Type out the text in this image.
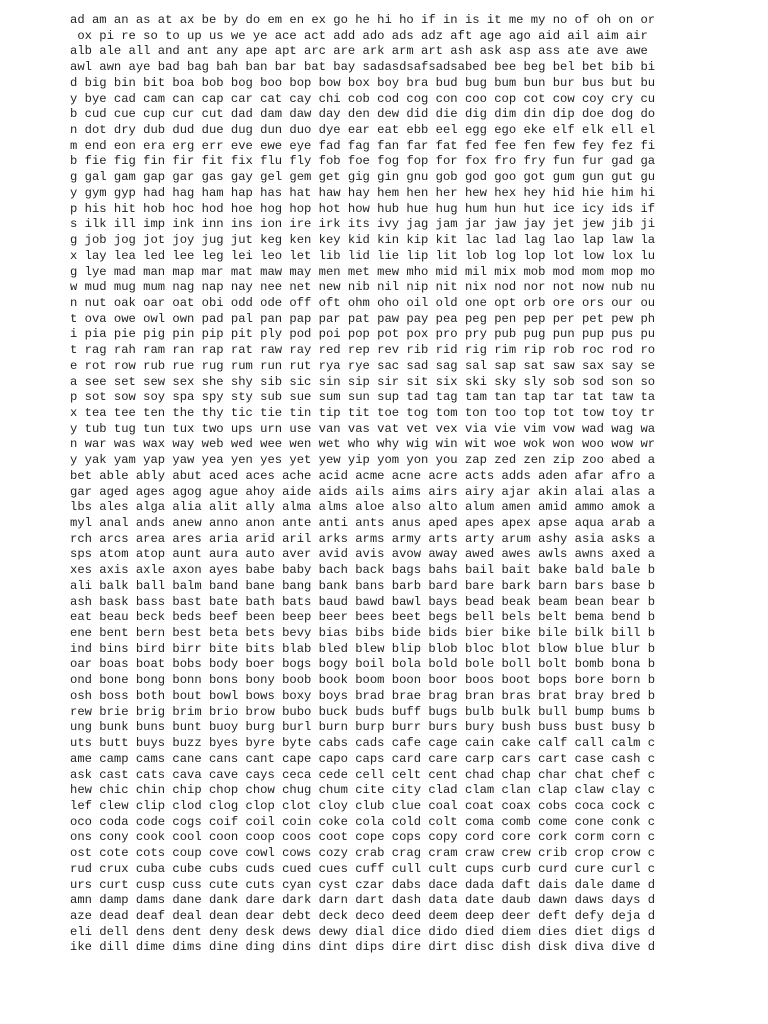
ad am an as at ax be by do em en ex go he hi ho if in is it me my no of oh on or
ox pi re so to up us we ye ace act add ado ads adz aft age ago aid ail aim air
alb ale all and ant any ape apt arc are ark arm art ash ask asp ass ate ave awe
awl awn aye bad bag bah ban bar bat bay sadasdsafsadsabed bee beg bel bet bib bi
d big bin bit boa bob bog boo bop bow box boy bra bud bug bum bun bur bus but bu
y bye cad cam can cap car cat cay chi cob cod cog con coo cop cot cow coy cry cu
b cud cue cup cur cut dad dam daw day den dew did die dig dim din dip doe dog do
n dot dry dub dud due dug dun duo dye ear eat ebb eel egg ego eke elf elk ell el
m end eon era erg err eve ewe eye fad fag fan far fat fed fee fen few fey fez fi
b fie fig fin fir fit fix flu fly fob foe fog fop for fox fro fry fun fur gad ga
g gal gam gap gar gas gay gel gem get gig gin gnu gob god goo got gum gun gut gu
y gym gyp had hag ham hap has hat haw hay hem hen her hew hex hey hid hie him hi
p his hit hob hoc hod hoe hog hop hot how hub hue hug hum hun hut ice icy ids if
s ilk ill imp ink inn ins ion ire irk its ivy jag jam jar jaw jay jet jew jib ji
g job jog jot joy jug jut keg ken key kid kin kip kit lac lad lag lao lap law la
x lay lea led lee leg lei leo let lib lid lie lip lit lob log lop lot low lox lu
g lye mad man map mar mat maw may men met mew mho mid mil mix mob mod mom mop mo
w mud mug mum nag nap nay nee net new nib nil nip nit nix nod nor not now nub nu
n nut oak oar oat obi odd ode off oft ohm oho oil old one opt orb ore ors our ou
t ova owe owl own pad pal pan pap par pat paw pay pea peg pen pep per pet pew ph
i pia pie pig pin pip pit ply pod poi pop pot pox pro pry pub pug pun pup pus pu
t rag rah ram ran rap rat raw ray red rep rev rib rid rig rim rip rob roc rod ro
e rot row rub rue rug rum run rut rya rye sac sad sag sal sap sat saw sax say se
a see set sew sex she shy sib sic sin sip sir sit six ski sky sly sob sod son so
p sot sow soy spa spy sty sub sue sum sun sup tad tag tam tan tap tar tat taw ta
x tea tee ten the thy tic tie tin tip tit toe tog tom ton too top tot tow toy tr
y tub tug tun tux two ups urn use van vas vat vet vex via vie vim vow wad wag wa
n war was wax way web wed wee wen wet who why wig win wit woe wok won woo wow wr
y yak yam yap yaw yea yen yes yet yew yip yom yon you zap zed zen zip zoo abed a
bet able ably abut aced aces ache acid acme acne acre acts adds aden afar afro a
gar aged ages agog ague ahoy aide aids ails aims airs airy ajar akin alai alas a
lbs ales alga alia alit ally alma alms aloe also alto alum amen amid ammo amok a
myl anal ands anew anno anon ante anti ants anus aped apes apex apse aqua arab a
rch arcs area ares aria arid aril arks arms army arts arty arum ashy asia asks a
sps atom atop aunt aura auto aver avid avis avow away awed awes awls awns axed a
xes axis axle axon ayes babe baby bach back bags bahs bail bait bake bald bale b
ali balk ball balm band bane bang bank bans barb bard bare bark barn bars base b
ash bask bass bast bate bath bats baud bawd bawl bays bead beak beam bean bear b
eat beau beck beds beef been beep beer bees beet begs bell bels belt bema bend b
ene bent bern best beta bets bevy bias bibs bide bids bier bike bile bilk bill b
ind bins bird birr bite bits blab bled blew blip blob bloc blot blow blue blur b
oar boas boat bobs body boer bogs bogy boil bola bold bole boll bolt bomb bona b
ond bone bong bonn bons bony boob book boom boon boor boos boot bops bore born b
osh boss both bout bowl bows boxy boys brad brae brag bran bras brat bray bred b
rew brie brig brim brio brow bubo buck buds buff bugs bulb bulk bull bump bums b
ung bunk buns bunt buoy burg burl burn burp burr burs bury bush buss bust busy b
uts butt buys buzz byes byre byte cabs cads cafe cage cain cake calf call calm c
ame camp cams cane cans cant cape capo caps card care carp cars cart case cash c
ask cast cats cava cave cays ceca cede cell celt cent chad chap char chat chef c
hew chic chin chip chop chow chug chum cite city clad clam clan clap claw clay c
lef clew clip clod clog clop clot cloy club clue coal coat coax cobs coca cock c
oco coda code cogs coif coil coin coke cola cold colt coma comb come cone conk c
ons cony cook cool coon coop coos coot cope cops copy cord core cork corm corn c
ost cote cots coup cove cowl cows cozy crab crag cram craw crew crib crop crow c
rud crux cuba cube cubs cuds cued cues cuff cull cult cups curb curd cure curl c
urs curt cusp cuss cute cuts cyan cyst czar dabs dace dada daft dais dale dame d
amn damp dams dane dank dare dark darn dart dash data date daub dawn daws days d
aze dead deaf deal dean dear debt deck deco deed deem deep deer deft defy deja d
eli dell dens dent deny desk dews dewy dial dice dido died diem dies diet digs d
ike dill dime dims dine ding dins dint dips dire dirt disc dish disk diva dive d
